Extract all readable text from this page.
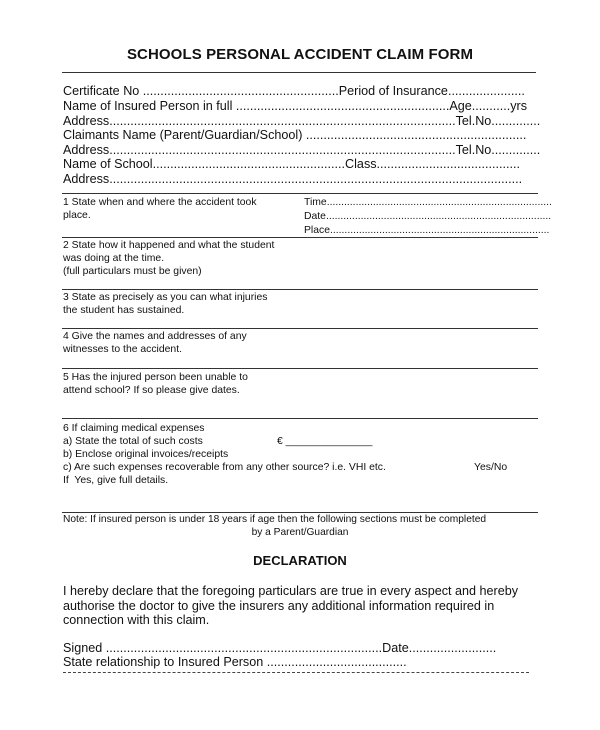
SCHOOLS PERSONAL ACCIDENT CLAIM FORM
Certificate No ........................................................Period of Insurance......................
Name of Insured Person in full .............................................................Age...........yrs
Address...................................................................................................Tel.No..............
Claimants Name (Parent/Guardian/School) ...............................................................
Address...................................................................................................Tel.No..............
Name of School.......................................................Class.........................................
Address......................................................................................................................
1 State when and where the accident took
place.
Time..............................................................................
Date..............................................................................
Place............................................................................
2 State how it happened and what the student
was doing at the time.
(full particulars must be given)
3 State as precisely as you can what injuries
the student has sustained.
4 Give the names and addresses of any
witnesses to the accident.
5 Has the injured person been unable to
attend school? If so please give dates.
6 If claiming medical expenses
a) State the total of such costs	€ _______________
b) Enclose original invoices/receipts
c) Are such expenses recoverable from any other source? i.e. VHI etc.	Yes/No
If  Yes, give full details.
Note: If insured person is under 18 years if age then the following sections must be completed
by a Parent/Guardian
DECLARATION
I hereby declare that the foregoing particulars are true in every aspect and hereby
authorise the doctor to give the insurers any additional information required in
connection with this claim.
Signed ...............................................................................Date.........................
State relationship to Insured Person ........................................
